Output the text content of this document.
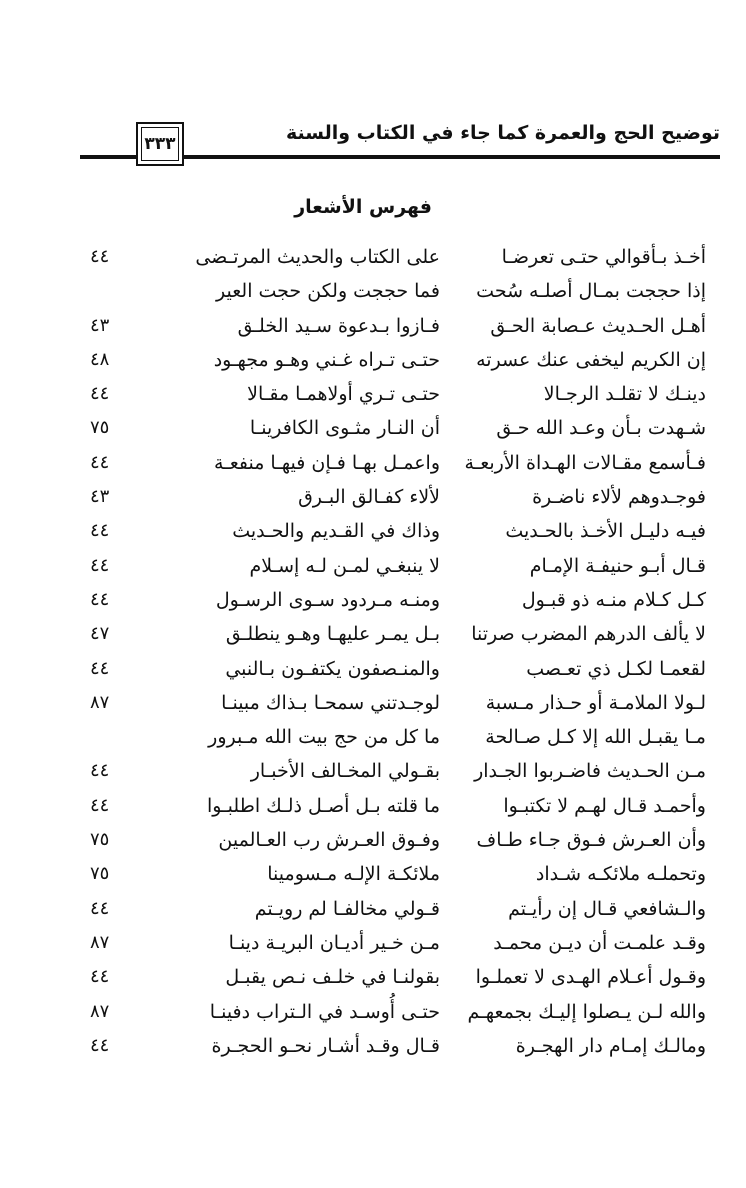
توضيح الحج والعمرة كما جاء في الكتاب والسنة
٣٣٣
فهرس الأشعار
أخـذ بـأقوالي حتـى تعرضـا
إذا حججت بمـال أصلـه سُحت
أهـل الحـديث عـصابة الحـق
إن الكريم ليخفى عنك عسرته
دينـك لا تقلـد الرجـالا
شـهدت بـأن وعـد الله حـق
فـأسمع مقـالات الهـداة الأربعـة
فوجـدوهم لألاء ناضـرة
فيـه دليـل الأخـذ بالحـديث
قـال أبـو حنيفـة الإمـام
كـل كـلام منـه ذو قبـول
لا يألف الدرهم المضرب صرتنا
لقعمـا لكـل ذي تعـصب
لـولا الملامـة أو حـذار مـسبة
مـا يقبـل الله إلا كـل صـالحة
مـن الحـديث فاضـربوا الجـدار
وأحمـد قـال لهـم لا تكتبـوا
وأن العـرش فـوق جـاء طـاف
وتحملـه ملائكـه شـداد
والـشافعي قـال إن رأيـتم
وقـد علمـت أن ديـن محمـد
وقـول أعـلام الهـدى لا تعملـوا
والله لـن يـصلوا إليـك بجمعهـم
ومالـك إمـام دار الهجـرة
على الكتاب والحديث المرتـضى
٤٤
فما حججت ولكن حجت العير
فـازوا بـدعوة سـيد الخلـق
٤٣
حتـى تـراه غـني وهـو مجهـود
٤٨
حتـى تـري أولاهمـا مقـالا
٤٤
أن النـار مثـوى الكافرينـا
٧٥
واعمـل بهـا فـإن فيهـا منفعـة
٤٤
لألاء كفـالق البـرق
٤٣
وذاك في القـديم والحـديث
٤٤
لا ينبغـي لمـن لـه إسـلام
٤٤
ومنـه مـردود سـوى الرسـول
٤٤
بـل يمـر عليهـا وهـو ينطلـق
٤٧
والمنـصفون يكتفـون بـالنبي
٤٤
لوجـدتني سمحـا بـذاك مبينـا
٨٧
ما كل من حج بيت الله مـبرور
بقـولي المخـالف الأخبـار
٤٤
ما قلته بـل أصـل ذلـك اطلبـوا
٤٤
وفـوق العـرش رب العـالمين
٧٥
ملائكـة الإلـه مـسومينا
٧٥
قـولي مخالفـا لم رويـتم
٤٤
مـن خـير أديـان البريـة دينـا
٨٧
بقولنـا في خلـف نـص يقبـل
٤٤
حتـى أُوسـد في الـتراب دفينـا
٨٧
قـال وقـد أشـار نحـو الحجـرة
٤٤
